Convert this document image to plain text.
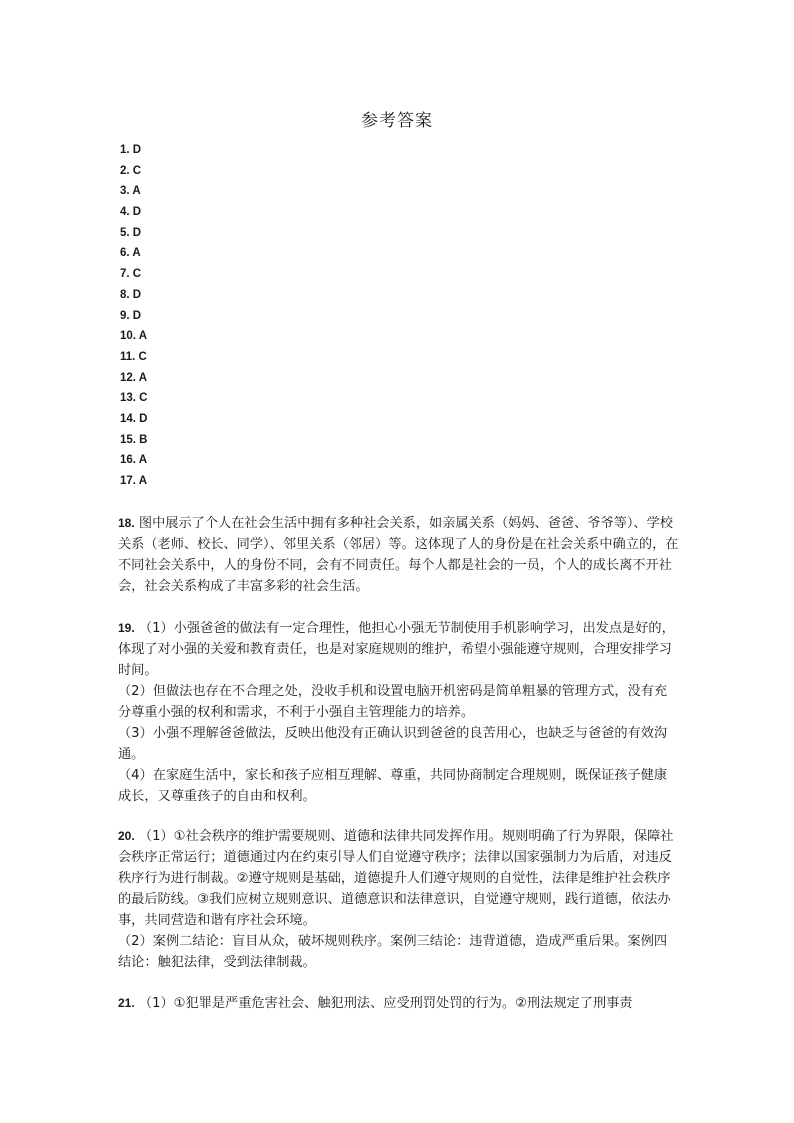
参考答案
1. D
2. C
3. A
4. D
5. D
6. A
7. C
8. D
9. D
10. A
11. C
12. A
13. C
14. D
15. B
16. A
17. A

18. 图中展示了个人在社会生活中拥有多种社会关系，如亲属关系（妈妈、爸爸、爷爷等）、学校关系（老师、校长、同学）、邻里关系（邻居）等。这体现了人的身份是在社会关系中确立的，在不同社会关系中，人的身份不同，会有不同责任。每个人都是社会的一员，个人的成长离不开社会，社会关系构成了丰富多彩的社会生活。

19. （1）小强爸爸的做法有一定合理性，他担心小强无节制使用手机影响学习，出发点是好的，体现了对小强的关爱和教育责任，也是对家庭规则的维护，希望小强能遵守规则，合理安排学习时间。

（2）但做法也存在不合理之处，没收手机和设置电脑开机密码是简单粗暴的管理方式，没有充分尊重小强的权利和需求，不利于小强自主管理能力的培养。

（3）小强不理解爸爸做法，反映出他没有正确认识到爸爸的良苦用心，也缺乏与爸爸的有效沟通。

（4）在家庭生活中，家长和孩子应相互理解、尊重，共同协商制定合理规则，既保证孩子健康成长，又尊重孩子的自由和权利。

20. （1）①社会秩序的维护需要规则、道德和法律共同发挥作用。规则明确了行为界限，保障社会秩序正常运行；道德通过内在约束引导人们自觉遵守秩序；法律以国家强制力为后盾，对违反秩序行为进行制裁。②遵守规则是基础，道德提升人们遵守规则的自觉性，法律是维护社会秩序的最后防线。③我们应树立规则意识、道德意识和法律意识，自觉遵守规则，践行道德，依法办事，共同营造和谐有序社会环境。

（2）案例二结论：盲目从众，破坏规则秩序。案例三结论：违背道德，造成严重后果。案例四结论：触犯法律，受到法律制裁。

21. （1）①犯罪是严重危害社会、触犯刑法、应受刑罚处罚的行为。②刑法规定了刑事责
